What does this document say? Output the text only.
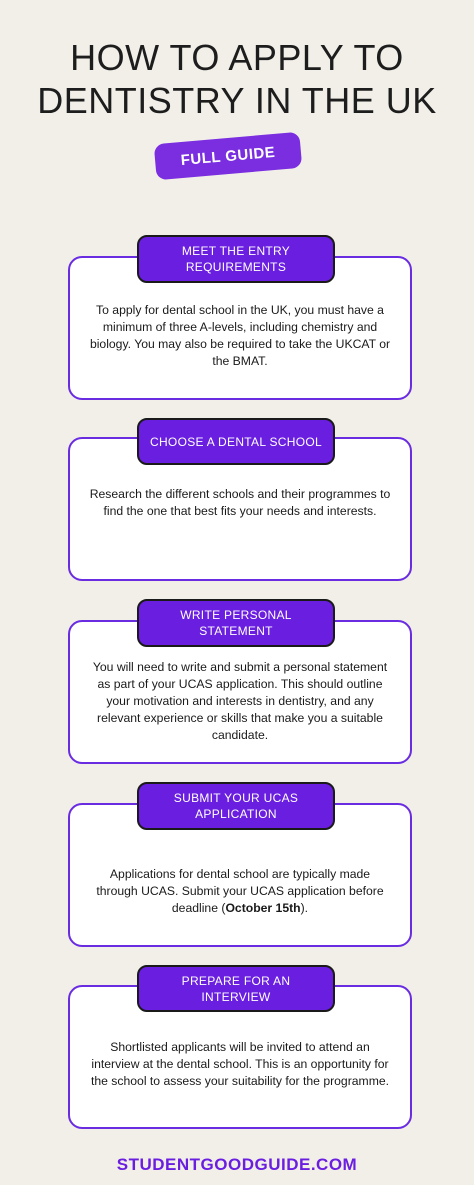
HOW TO APPLY TO
DENTISTRY IN THE UK
FULL GUIDE
To apply for dental school in the UK, you must have a minimum of three A-levels, including chemistry and biology. You may also be required to take the UKCAT or the BMAT.
MEET THE ENTRY
REQUIREMENTS
Research the different schools and their programmes to find the one that best fits your needs and interests.
CHOOSE A DENTAL SCHOOL
You will need to write and submit a personal statement as part of your UCAS application. This should outline your motivation and interests in dentistry, and any relevant experience or skills that make you a suitable candidate.
WRITE PERSONAL
STATEMENT
Applications for dental school are typically made through UCAS. Submit your UCAS application before deadline (October 15th).
SUBMIT YOUR UCAS
APPLICATION
Shortlisted applicants will be invited to attend an interview at the dental school. This is an opportunity for the school to assess your suitability for the programme.
PREPARE FOR AN
INTERVIEW
STUDENTGOODGUIDE.COM
